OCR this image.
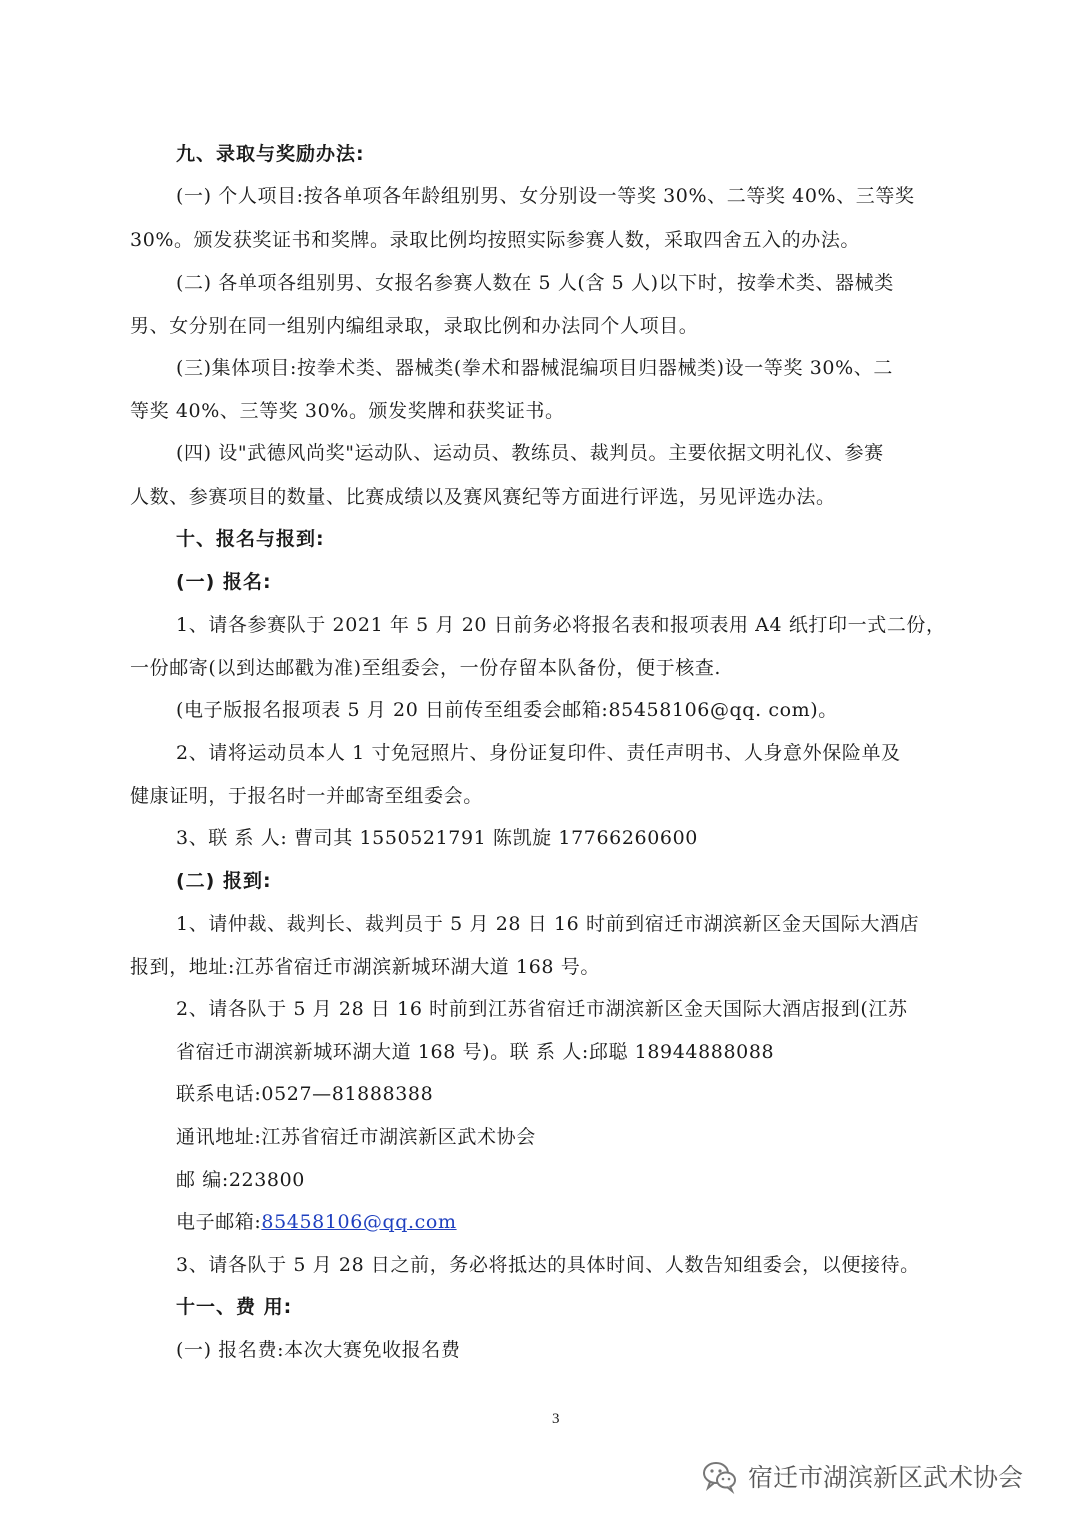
九、录取与奖励办法:
(一) 个人项目:按各单项各年龄组别男、女分别设一等奖 30%、二等奖 40%、三等奖
30%。颁发获奖证书和奖牌。录取比例均按照实际参赛人数，采取四舍五入的办法。
(二) 各单项各组别男、女报名参赛人数在 5 人(含 5 人)以下时，按拳术类、器械类
男、女分别在同一组别内编组录取，录取比例和办法同个人项目。
(三)集体项目:按拳术类、器械类(拳术和器械混编项目归器械类)设一等奖 30%、二
等奖 40%、三等奖 30%。颁发奖牌和获奖证书。
(四) 设"武德风尚奖"运动队、运动员、教练员、裁判员。主要依据文明礼仪、参赛
人数、参赛项目的数量、比赛成绩以及赛风赛纪等方面进行评选，另见评选办法。
十、报名与报到:
(一) 报名:
1、请各参赛队于 2021 年 5 月 20 日前务必将报名表和报项表用 A4 纸打印一式二份，
一份邮寄(以到达邮戳为准)至组委会，一份存留本队备份，便于核查.
(电子版报名报项表 5 月 20 日前传至组委会邮箱:85458106@qq. com)。
2、请将运动员本人 1 寸免冠照片、身份证复印件、责任声明书、人身意外保险单及
健康证明，于报名时一并邮寄至组委会。
3、联 系 人: 曹司其 1550521791 陈凯旋 17766260600
(二) 报到:
1、请仲裁、裁判长、裁判员于 5 月 28 日 16 时前到宿迁市湖滨新区金天国际大酒店
报到，地址:江苏省宿迁市湖滨新城环湖大道 168 号。
2、请各队于 5 月 28 日 16 时前到江苏省宿迁市湖滨新区金天国际大酒店报到(江苏
省宿迁市湖滨新城环湖大道 168 号)。联 系 人:邱聪 18944888088
联系电话:0527—81888388
通讯地址:江苏省宿迁市湖滨新区武术协会
邮 编:223800
电子邮箱:85458106@qq.com
3、请各队于 5 月 28 日之前，务必将抵达的具体时间、人数告知组委会，以便接待。
十一、费 用:
(一) 报名费:本次大赛免收报名费
3
宿迁市湖滨新区武术协会
